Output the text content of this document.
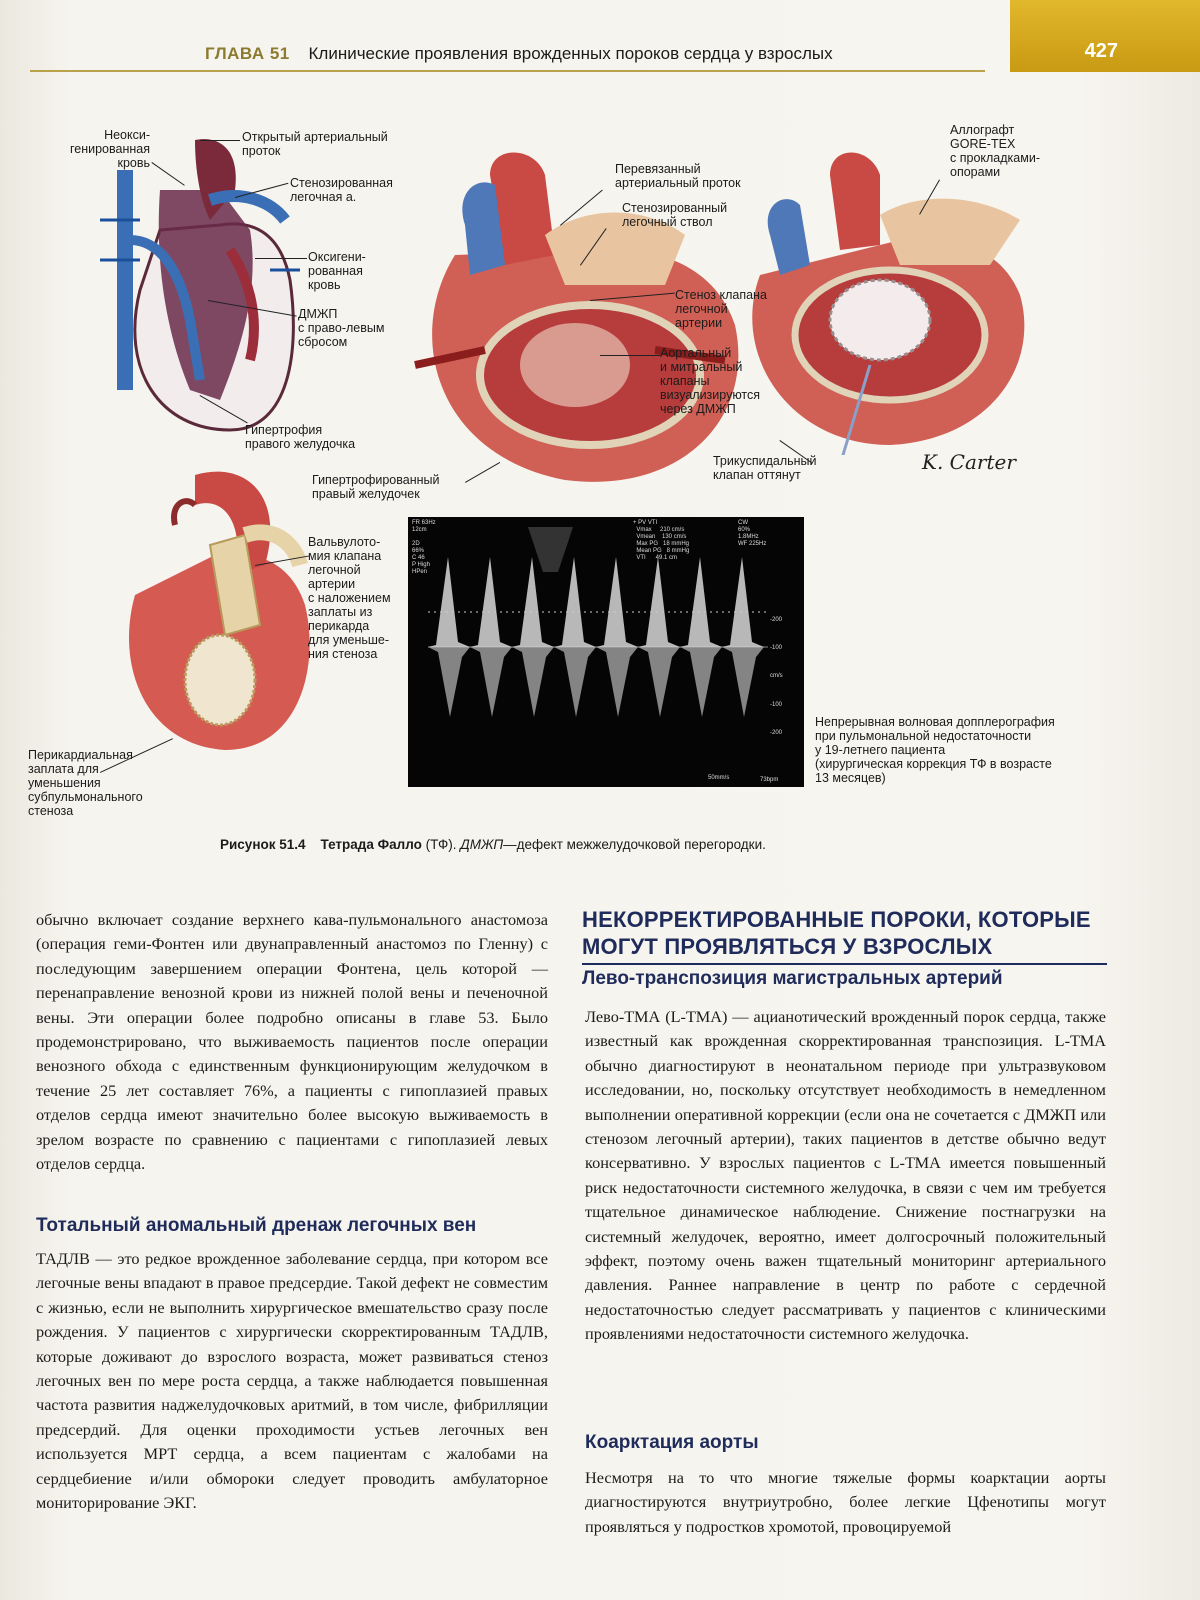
427
ГЛАВА 51 Клинические проявления врожденных пороков сердца у взрослых
Неокси-
генированная
кровь
Открытый артериальный
проток
Стенозированная
легочная а.
Оксигени-
рованная
кровь
ДМЖП
с право-левым
сбросом
Гипертрофия
правого желудочка
Перевязанный
артериальный проток
Стенозированный
легочный ствол
Стеноз клапана
легочной
артерии
Аортальный
и митральный
клапаны
визуализируются
через ДМЖП
Гипертрофированный
правый желудочек
Аллографт
GORE-TEX
с прокладками-
опорами
Трикуспидальный
клапан оттянут
Вальвулото-
мия клапана
легочной
артерии
с наложением
заплаты из
перикарда
для уменьше-
ния стеноза
Перикардиальная
заплата для
уменьшения
субпульмонального
стеноза
K. Carter
FR 63Hz
12cm

2D
66%
C 46
P High
HPen
+ PV VTI
Vmax     210 cm/s
Vmean    130 cm/s
Max PG   18 mmHg
Mean PG   8 mmHg
VTI      49.1 cm
CW
60%
1.8MHz
WF 225Hz
-200
-100
cm/s
-100
-200
50mm/s	73bpm
Непрерывная волновая допплерография
при пульмональной недостаточности
у 19-летнего пациента
(хирургическая коррекция ТФ в возрасте
13 месяцев)
Рисунок 51.4 Тетрада Фалло (ТФ). ДМЖП—дефект межжелудочковой перегородки.

обычно включает создание верхнего кава-пульмонального анастомоза (операция геми-Фонтен или двунаправленный анастомоз по Гленну) с последующим завершением операции Фонтена, цель которой — перенаправление венозной крови из нижней полой вены и печеночной вены. Эти операции более подробно описаны в главе 53. Было продемонстрировано, что выживаемость пациентов после операции венозного обхода с единственным функционирующим желудочком в течение 25 лет составляет 76%, а пациенты с гипоплазией правых отделов сердца имеют значительно более высокую выживаемость в зрелом возрасте по сравнению с пациентами с гипоплазией левых отделов сердца.

Тотальный аномальный дренаж легочных вен

ТАДЛВ — это редкое врожденное заболевание сердца, при котором все легочные вены впадают в правое предсердие. Такой дефект не совместим с жизнью, если не выполнить хирургическое вмешательство сразу после рождения. У пациентов с хирургически скорректированным ТАДЛВ, которые доживают до взрослого возраста, может развиваться стеноз легочных вен по мере роста сердца, а также наблюдается повышенная частота развития наджелудочковых аритмий, в том числе, фибрилляции предсердий. Для оценки проходимости устьев легочных вен используется МРТ сердца, а всем пациентам с жалобами на сердцебиение и/или обмороки следует проводить амбулаторное мониторирование ЭКГ.

НЕКОРРЕКТИРОВАННЫЕ ПОРОКИ, КОТОРЫЕ МОГУТ ПРОЯВЛЯТЬСЯ У ВЗРОСЛЫХ
Лево-транспозиция магистральных артерий

Лево-ТМА (L-ТМА) — ацианотический врожденный порок сердца, также известный как врожденная скорректированная транспозиция. L-ТМА обычно диагностируют в неонатальном периоде при ультразвуковом исследовании, но, поскольку отсутствует необходимость в немедленном выполнении оперативной коррекции (если она не сочетается с ДМЖП или стенозом легочный артерии), таких пациентов в детстве обычно ведут консервативно. У взрослых пациентов с L-ТМА имеется повышенный риск недостаточности системного желудочка, в связи с чем им требуется тщательное динамическое наблюдение. Снижение постнагрузки на системный желудочек, вероятно, имеет долгосрочный положительный эффект, поэтому очень важен тщательный мониторинг артериального давления. Раннее направление в центр по работе с сердечной недостаточностью следует рассматривать у пациентов с клиническими проявлениями недостаточности системного желудочка.

Коарктация аорты

Несмотря на то что многие тяжелые формы коарктации аорты диагностируются внутриутробно, более легкие Цфенотипы могут проявляться у подростков хромотой, провоцируемой
